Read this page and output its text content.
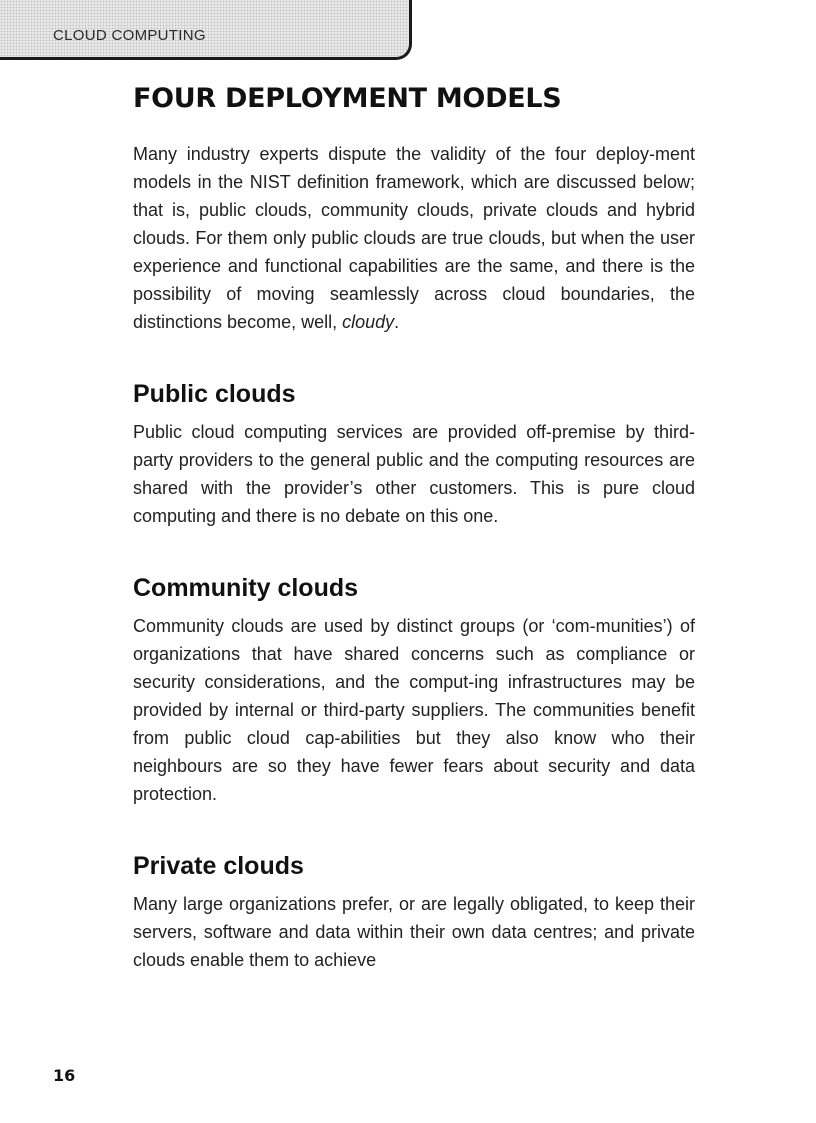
CLOUD COMPUTING
FOUR DEPLOYMENT MODELS

Many industry experts dispute the validity of the four deploy-ment models in the NIST definition framework, which are discussed below; that is, public clouds, community clouds, private clouds and hybrid clouds. For them only public clouds are true clouds, but when the user experience and functional capabilities are the same, and there is the possibility of moving seamlessly across cloud boundaries, the distinctions become, well, cloudy.

Public clouds

Public cloud computing services are provided off-premise by third-party providers to the general public and the computing resources are shared with the provider’s other customers. This is pure cloud computing and there is no debate on this one.

Community clouds

Community clouds are used by distinct groups (or ‘com-munities’) of organizations that have shared concerns such as compliance or security considerations, and the comput-ing infrastructures may be provided by internal or third-party suppliers. The communities benefit from public cloud cap-abilities but they also know who their neighbours are so they have fewer fears about security and data protection.

Private clouds

Many large organizations prefer, or are legally obligated, to keep their servers, software and data within their own data centres; and private clouds enable them to achieve

16
